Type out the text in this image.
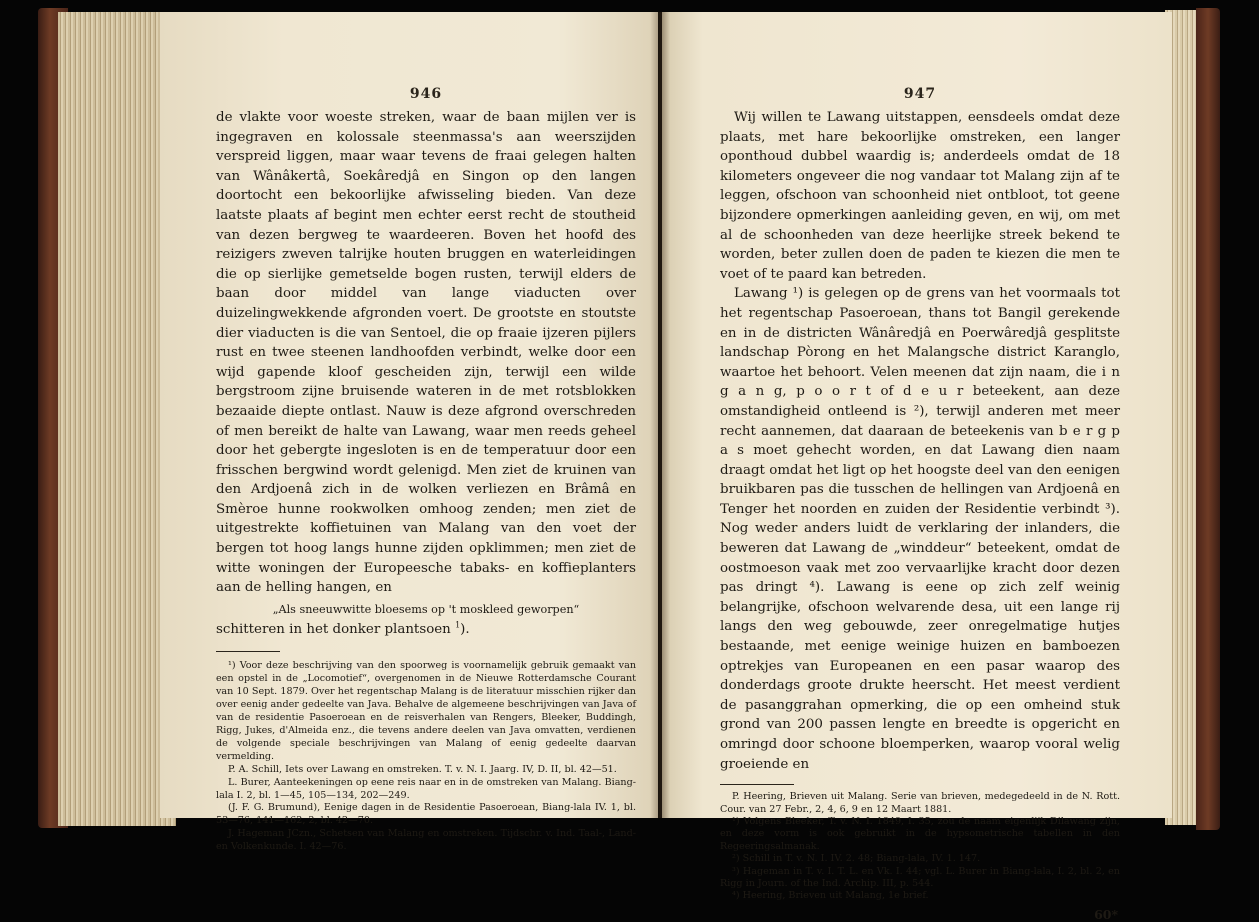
946

de vlakte voor woeste streken, waar de baan mijlen ver is ingegraven en kolossale steenmassa's aan weerszijden verspreid liggen, maar waar tevens de fraai gelegen halten van Wânâkertâ, Soekâredjâ en Singon op den langen doortocht een bekoorlijke afwisseling bieden. Van deze laatste plaats af begint men echter eerst recht de stoutheid van dezen bergweg te waardeeren. Boven het hoofd des reizigers zweven talrijke houten bruggen en waterleidingen die op sierlijke gemetselde bogen rusten, terwijl elders de baan door middel van lange viaducten over duizelingwekkende afgronden voert. De grootste en stoutste dier viaducten is die van Sentoel, die op fraaie ijzeren pijlers rust en twee steenen landhoofden verbindt, welke door een wijd gapende kloof gescheiden zijn, terwijl een wilde bergstroom zijne bruisende wateren in de met rotsblokken bezaaide diepte ontlast. Nauw is deze afgrond overschreden of men bereikt de halte van Lawang, waar men reeds geheel door het gebergte ingesloten is en de temperatuur door een frisschen bergwind wordt gelenigd. Men ziet de kruinen van den Ardjoenâ zich in de wolken verliezen en Brâmâ en Smèroe hunne rookwolken omhoog zenden; men ziet de uitgestrekte koffietuinen van Malang van den voet der bergen tot hoog langs hunne zijden opklimmen; men ziet de witte woningen der Europeesche tabaks- en koffieplanters aan de helling hangen, en

„Als sneeuwwitte bloesems op 't moskleed geworpen“

schitteren in het donker plantsoen $^1$).

¹) Voor deze beschrijving van den spoorweg is voornamelijk gebruik gemaakt van een opstel in de „Locomotief“, overgenomen in de Nieuwe Rotterdamsche Courant van 10 Sept. 1879. Over het regentschap Malang is de literatuur misschien rijker dan over eenig ander gedeelte van Java. Behalve de algemeene beschrijvingen van Java of van de residentie Pasoeroean en de reisverhalen van Rengers, Bleeker, Buddingh, Rigg, Jukes, d'Almeida enz., die tevens andere deelen van Java omvatten, verdienen de volgende speciale beschrijvingen van Malang of eenig gedeelte daarvan vermelding.

P. A. Schill, Iets over Lawang en omstreken. T. v. N. I. Jaarg. IV, D. II, bl. 42—51.

L. Burer, Aanteekeningen op eene reis naar en in de omstreken van Malang. Biang-lala I. 2, bl. 1—45, 105—134, 202—249.

(J. F. G. Brumund), Eenige dagen in de Residentie Pasoeroean, Biang-lala IV. 1, bl. 53—76, 141—162, 2, bl. 42—70.

J. Hageman JCzn., Schetsen van Malang en omstreken. Tijdschr. v. Ind. Taal-, Land- en Volkenkunde. I. 42—76.

947

Wij willen te Lawang uitstappen, eensdeels omdat deze plaats, met hare bekoorlijke omstreken, een langer oponthoud dubbel waardig is; anderdeels omdat de 18 kilometers ongeveer die nog vandaar tot Malang zijn af te leggen, ofschoon van schoonheid niet ontbloot, tot geene bijzondere opmerkingen aanleiding geven, en wij, om met al de schoonheden van deze heerlijke streek bekend te worden, beter zullen doen de paden te kiezen die men te voet of te paard kan betreden.

Lawang ¹) is gelegen op de grens van het voormaals tot het regentschap Pasoeroean, thans tot Bangil gerekende en in de districten Wânâredjâ en Poerwâredjâ gesplitste landschap Pòrong en het Malangsche district Karanglo, waartoe het behoort. Velen meenen dat zijn naam, die i n g a n g, p o o r t of d e u r beteekent, aan deze omstandigheid ontleend is ²), terwijl anderen met meer recht aannemen, dat daaraan de beteekenis van b e r g p a s moet gehecht worden, en dat Lawang dien naam draagt omdat het ligt op het hoogste deel van den eenigen bruikbaren pas die tusschen de hellingen van Ardjoenâ en Tenger het noorden en zuiden der Residentie verbindt ³). Nog weder anders luidt de verklaring der inlanders, die beweren dat Lawang de „winddeur“ beteekent, omdat de oostmoeson vaak met zoo vervaarlijke kracht door dezen pas dringt ⁴). Lawang is eene op zich zelf weinig belangrijke, ofschoon welvarende desa, uit een lange rij langs den weg gebouwde, zeer onregelmatige hutjes bestaande, met eenige weinige huizen en bamboezen optrekjes van Europeanen en een pasar waarop des donderdags groote drukte heerscht. Het meest verdient de pasanggrahan opmerking, die op een omheind stuk grond van 200 passen lengte en breedte is opgericht en omringd door schoone bloemperken, waarop vooral welig groeiende en

P. Heering, Brieven uit Malang. Serie van brieven, medegedeeld in de N. Rott. Cour. van 27 Febr., 2, 4, 6, 9 en 12 Maart 1881.

¹) Volgens Bleeker, T. v. N. I. 1849, I. 35, zou de naam eigenlijk Dilawang zijn, en deze vorm is ook gebruikt in de hypsometrische tabellen in den Regeeringsalmanak.

²) Schill in T. v. N. I. IV. 2. 48; Biang-lala, IV. 1. 147.

³) Hageman in T. v. I. T. L. en Vk. I. 44; vgl. L. Burer in Biang-lala, I. 2, bl. 2, en Rigg in Journ. of the Ind. Archip. III, p. 544.

⁴) Heering, Brieven uit Malang, 1e brief.

60*
